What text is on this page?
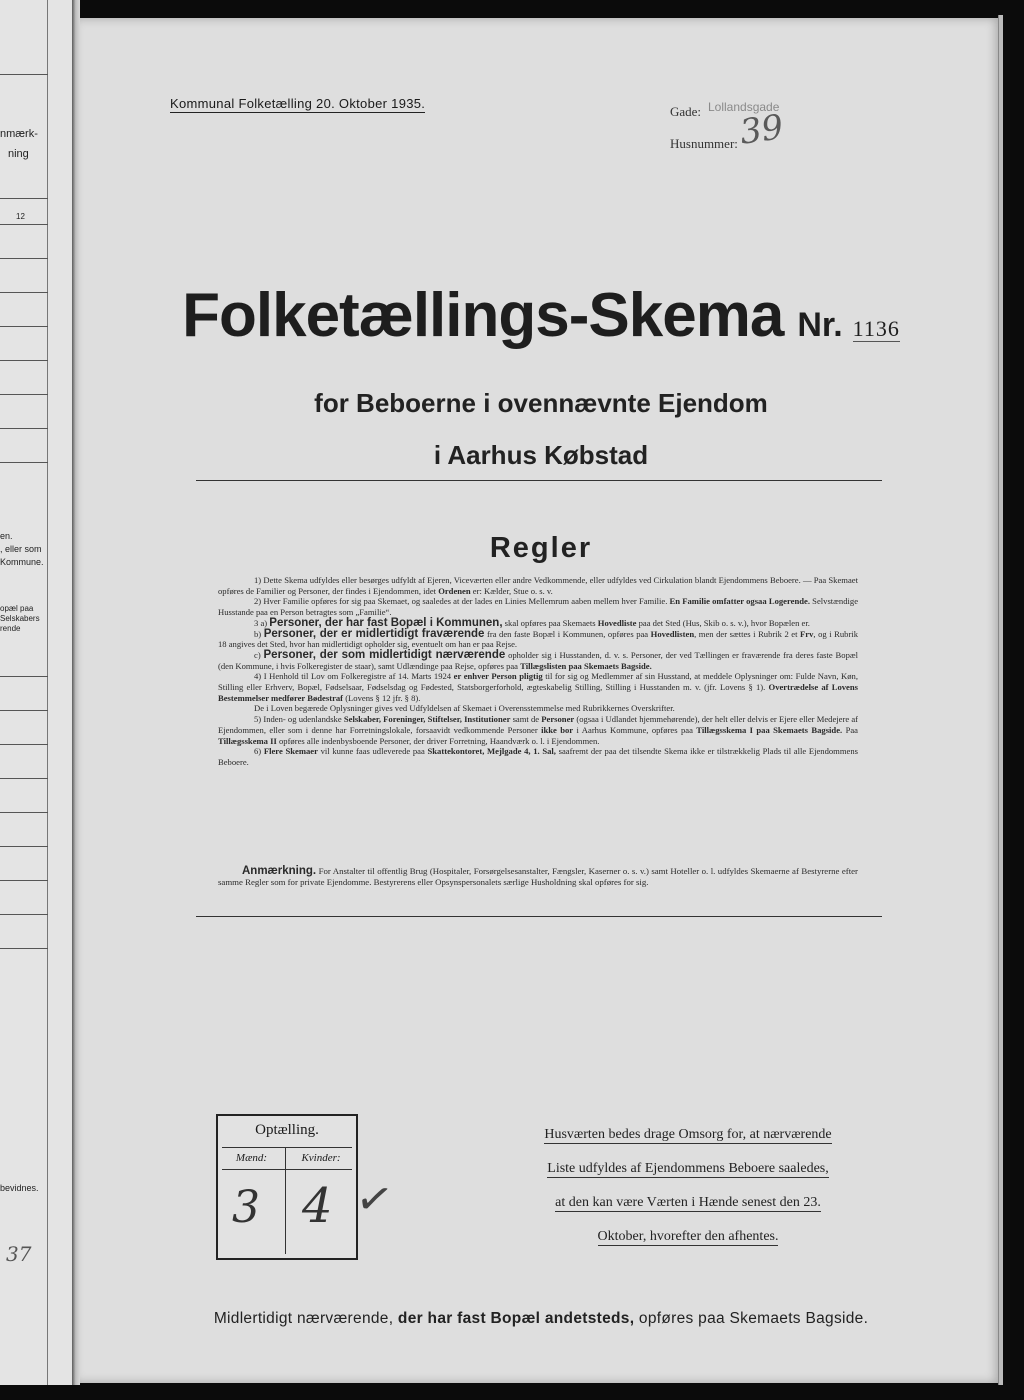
nmærk-
ning
12
en.
, eller som
Kommune.
opæl paa
Selskabers
rende
bevidnes.
37
Kommunal Folketælling 20. Oktober 1935.
Gade: Lollandsgade
Husnummer: 39
Folketællings-Skema Nr. 1136
for Beboerne i ovennævnte Ejendom
i Aarhus Købstad
Regler

1) Dette Skema udfyldes eller besørges udfyldt af Ejeren, Viceværten eller andre Vedkommende, eller udfyldes ved Cirkulation blandt Ejendommens Beboere. — Paa Skemaet opføres de Familier og Personer, der findes i Ejendommen, idet Ordenen er: Kælder, Stue o. s. v.

2) Hver Familie opføres for sig paa Skemaet, og saaledes at der lades en Linies Mellemrum aaben mellem hver Familie. En Familie omfatter ogsaa Logerende. Selvstændige Husstande paa en Person betragtes som „Familie“.

3 a) Personer, der har fast Bopæl i Kommunen, skal opføres paa Skemaets Hovedliste paa det Sted (Hus, Skib o. s. v.), hvor Bopælen er.

b) Personer, der er midlertidigt fraværende fra den faste Bopæl i Kommunen, opføres paa Hovedlisten, men der sættes i Rubrik 2 et Frv, og i Rubrik 18 angives det Sted, hvor han midlertidigt opholder sig, eventuelt om han er paa Rejse.

c) Personer, der som midlertidigt nærværende opholder sig i Husstanden, d. v. s. Personer, der ved Tællingen er fraværende fra deres faste Bopæl (den Kommune, i hvis Folkeregister de staar), samt Udlændinge paa Rejse, opføres paa Tillægslisten paa Skemaets Bagside.

4) I Henhold til Lov om Folkeregistre af 14. Marts 1924 er enhver Person pligtig til for sig og Medlemmer af sin Husstand, at meddele Oplysninger om: Fulde Navn, Køn, Stilling eller Erhverv, Bopæl, Fødselsaar, Fødselsdag og Fødested, Statsborgerforhold, ægteskabelig Stilling, Stilling i Husstanden m. v. (jfr. Lovens § 1). Overtrædelse af Lovens Bestemmelser medfører Bødestraf (Lovens § 12 jfr. § 8).

De i Loven begærede Oplysninger gives ved Udfyldelsen af Skemaet i Overensstemmelse med Rubrikkernes Overskrifter.

5) Inden- og udenlandske Selskaber, Foreninger, Stiftelser, Institutioner samt de Personer (ogsaa i Udlandet hjemmehørende), der helt eller delvis er Ejere eller Medejere af Ejendommen, eller som i denne har Forretningslokale, forsaavidt vedkommende Personer ikke bor i Aarhus Kommune, opføres paa Tillægsskema I paa Skemaets Bagside. Paa Tillægsskema II opføres alle indenbysboende Personer, der driver Forretning, Haandværk o. l. i Ejendommen.

6) Flere Skemaer vil kunne faas udleverede paa Skattekontoret, Mejlgade 4, 1. Sal, saafremt der paa det tilsendte Skema ikke er tilstrækkelig Plads til alle Ejendommens Beboere.

Anmærkning. For Anstalter til offentlig Brug (Hospitaler, Forsørgelsesanstalter, Fængsler, Kaserner o. s. v.) samt Hoteller o. l. udfyldes Skemaerne af Bestyrerne efter samme Regler som for private Ejendomme. Bestyrerens eller Opsynspersonalets særlige Husholdning skal opføres for sig.
Optælling.
Mænd:	Kvinder:
3 4 ✓
Husværten bedes drage Omsorg for, at nærværende
Liste udfyldes af Ejendommens Beboere saaledes,
at den kan være Værten i Hænde senest den 23.
Oktober, hvorefter den afhentes.
Midlertidigt nærværende, der har fast Bopæl andetsteds, opføres paa Skemaets Bagside.
